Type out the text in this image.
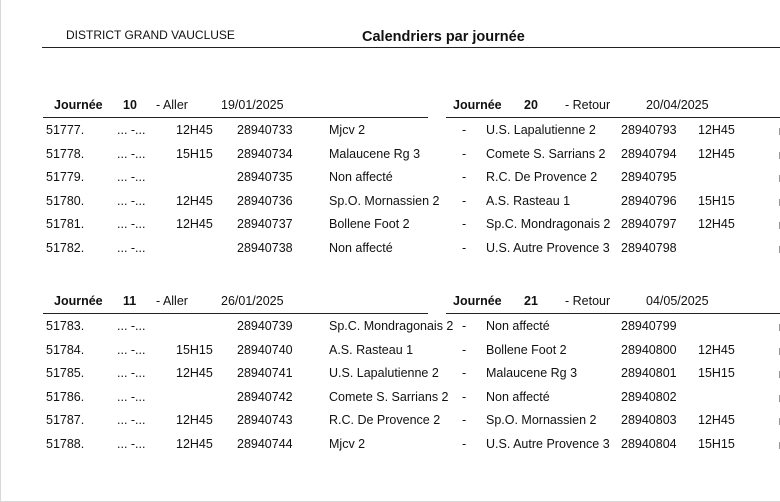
DISTRICT GRAND VAUCLUSE	Calendriers par journée
Journée 10 - Aller	19/01/2025	Journée 20 - Retour	20/04/2025
51777.	... -... 12H45 28940733	Mjcv 2	- U.S. Lapalutienne 2 28940793 12H45
51778.	... -... 15H15 28940734	Malaucene Rg 3	- Comete S. Sarrians 2 28940794 12H45
51779.	... -...	28940735	Non affecté	- R.C. De Provence 2 28940795
51780.	... -... 12H45 28940736	Sp.O. Mornassien 2 - A.S. Rasteau 1	28940796 15H15
51781.	... -... 12H45 28940737	Bollene Foot 2	- Sp.C. Mondragonais 2 28940797 12H45
51782.	... -...	28940738	Non affecté	- U.S. Autre Provence 3 28940798
Journée 11 - Aller	26/01/2025	Journée 21 - Retour	04/05/2025
51783.	... -...	28940739	Sp.C. Mondragonais 2 - Non affecté	28940799
51784.	... -... 15H15 28940740	A.S. Rasteau 1	- Bollene Foot 2	28940800 12H45
51785.	... -... 12H45 28940741	U.S. Lapalutienne 2 - Malaucene Rg 3	28940801 15H15
51786.	... -...	28940742	Comete S. Sarrians 2 - Non affecté	28940802
51787.	... -... 12H45 28940743	R.C. De Provence 2 - Sp.O. Mornassien 2 28940803 12H45
51788.	... -... 12H45 28940744	Mjcv 2	- U.S. Autre Provence 3 28940804 15H15
